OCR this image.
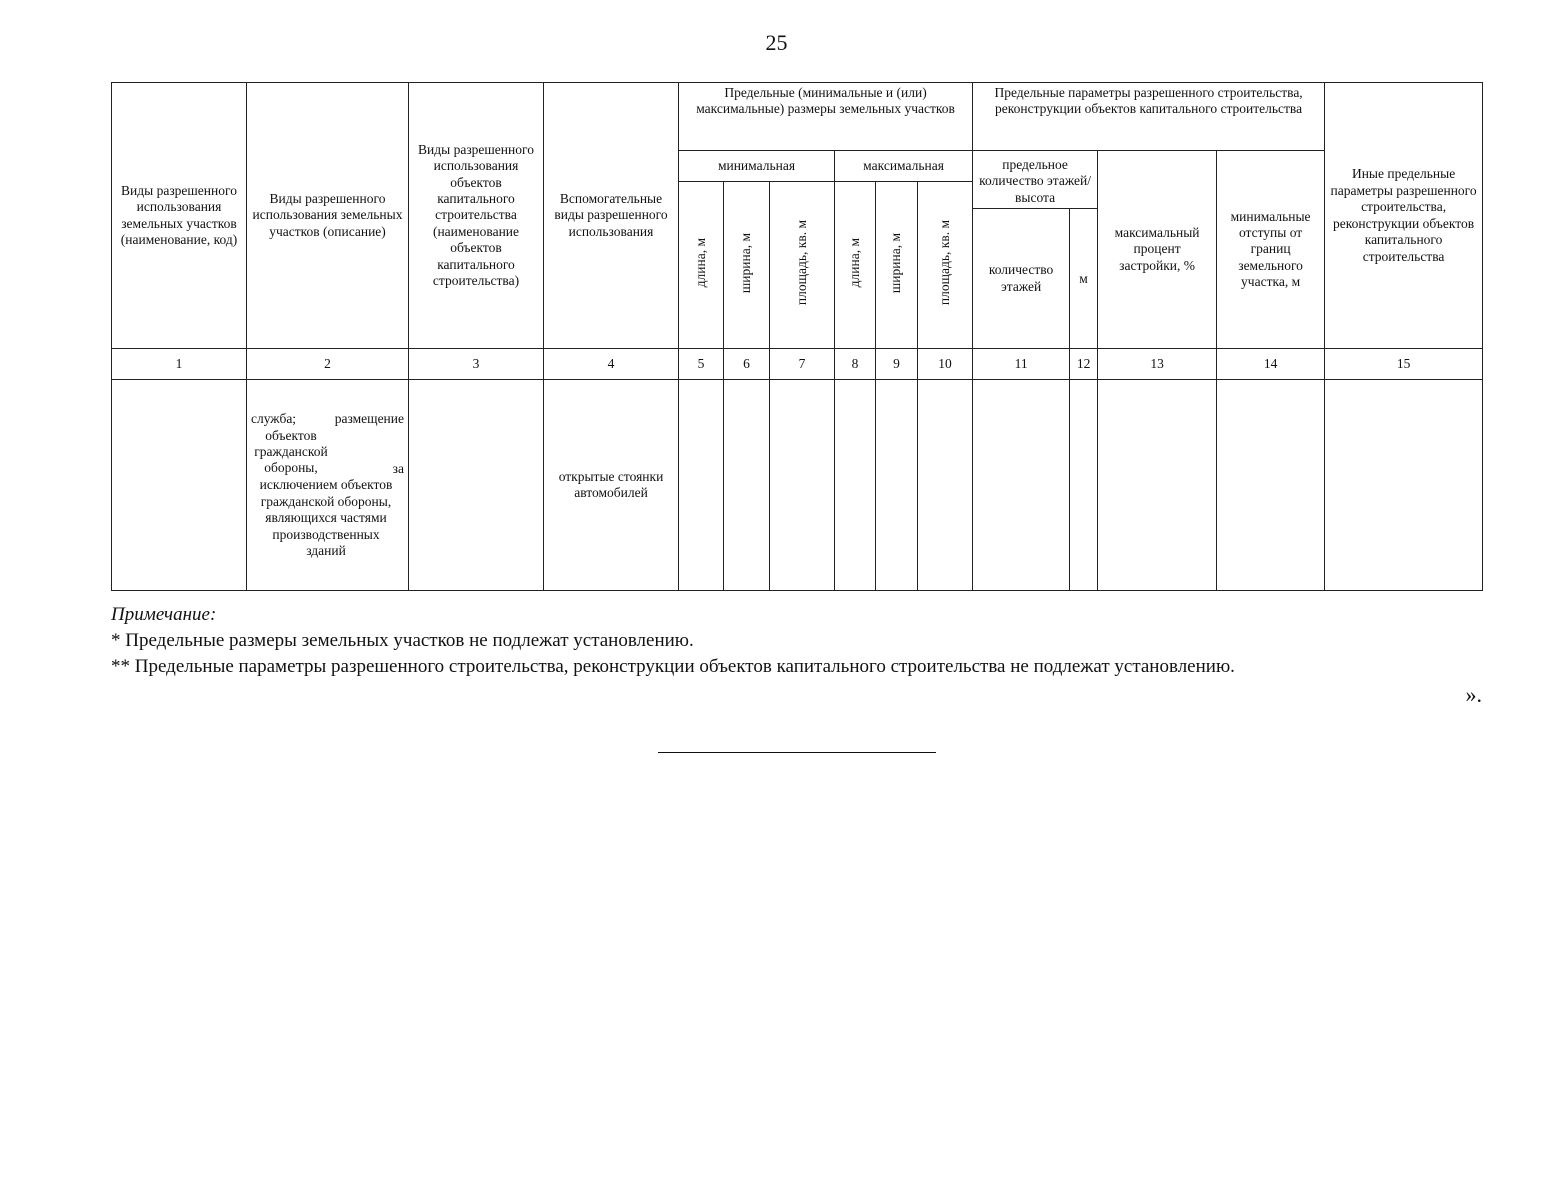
25
Виды разрешенного использования земельных участков (наименование, код)	Виды разрешенного использования земельных участков (описание)	Виды разрешенного использования объектов капитального строительства (наименование объектов капитального строительства)	Вспомогательные виды разрешенного использования	Предельные (минимальные и (или) максимальные) размеры земельных участков						Предельные параметры разрешенного строительства, реконструкции объектов капитального строительства				Иные предельные параметры разрешенного строительства, реконструкции объектов капитального строительства
				минимальная			максимальная			предельное количество этажей/высота		максимальный процент застройки, %	минимальные отступы от границ земельного участка, м	
				длина, м	ширина, м	площадь, кв. м	длина, м	ширина, м	площадь, кв. м					
										количество этажей	м			
1	2	3	4	5	6	7	8	9	10	11	12	13	14	15

	служба; размещение
объектов гражданской обороны, за
исключением объектов гражданской обороны, являющихся частями производственных зданий		открытые стоянки автомобилей											
Примечание:
* Предельные размеры земельных участков не подлежат установлению.
** Предельные параметры разрешенного строительства, реконструкции объектов капитального строительства не подлежат установлению.
».
